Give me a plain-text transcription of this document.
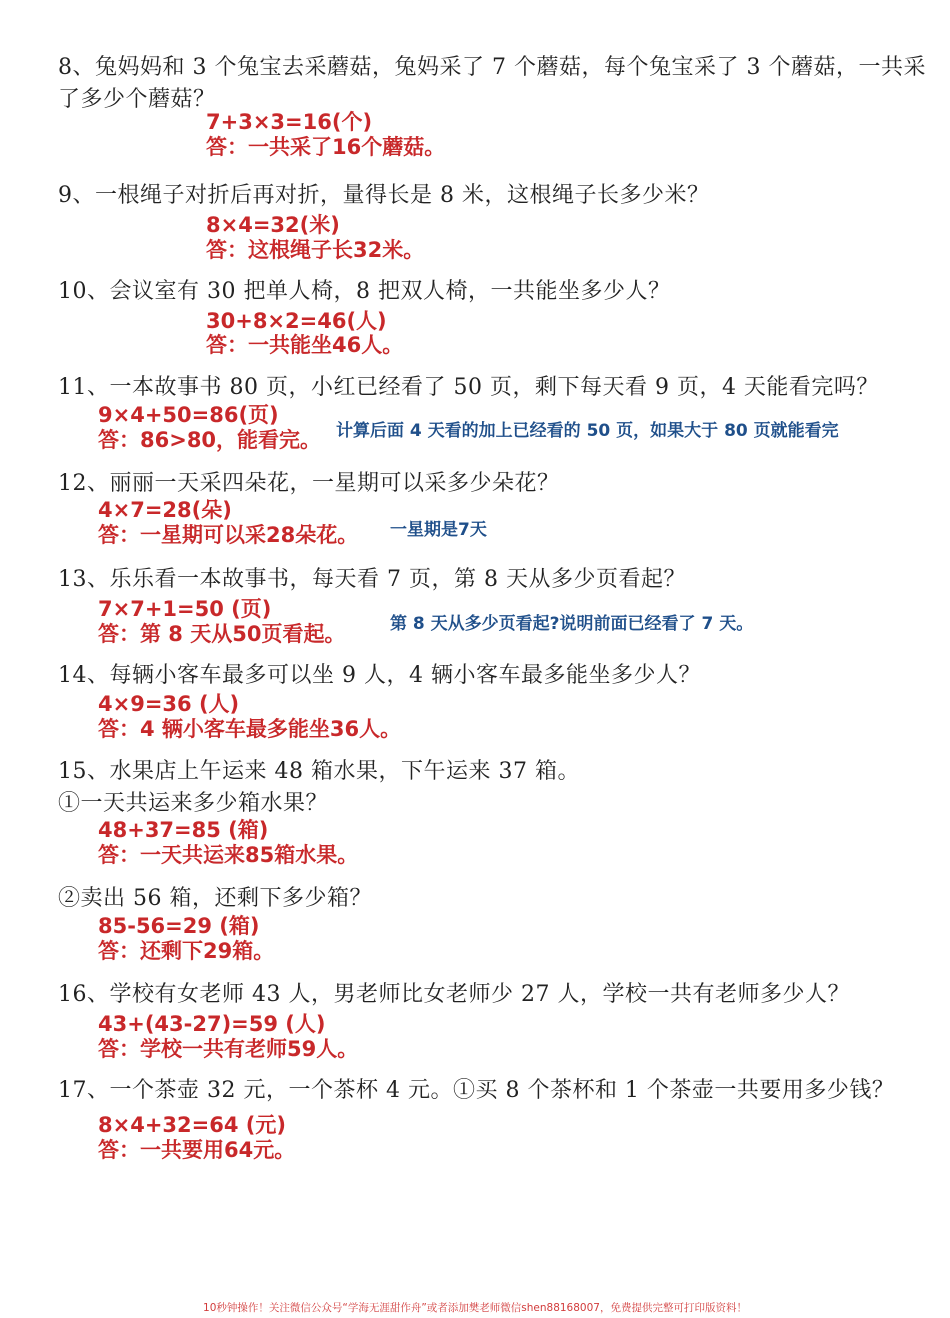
8、兔妈妈和 3 个兔宝去采蘑菇，兔妈采了 7 个蘑菇，每个兔宝采了 3 个蘑菇，一共采
了多少个蘑菇？
7+3×3=16(个)
答：一共采了16个蘑菇。
9、一根绳子对折后再对折，量得长是 8 米，这根绳子长多少米？
8×4=32(米)
答：这根绳子长32米。
10、会议室有 30 把单人椅，8 把双人椅，一共能坐多少人？
30+8×2=46(人)
答：一共能坐46人。
11、一本故事书 80 页，小红已经看了 50 页，剩下每天看 9 页，4 天能看完吗？
9×4+50=86(页)
答：86>80，能看完。 计算后面 4 天看的加上已经看的 50 页，如果大于 80 页就能看完
12、丽丽一天采四朵花，一星期可以采多少朵花？
4×7=28(朵)
答：一星期可以采28朵花。 一星期是7天
13、乐乐看一本故事书，每天看 7 页，第 8 天从多少页看起？
7×7+1=50 (页)
答：第 8 天从50页看起。	第 8 天从多少页看起?说明前面已经看了 7 天。
14、每辆小客车最多可以坐 9 人，4 辆小客车最多能坐多少人？
4×9=36 (人)
答：4 辆小客车最多能坐36人。
15、水果店上午运来 48 箱水果，下午运来 37 箱。
①一天共运来多少箱水果？
48+37=85 (箱)
答：一天共运来85箱水果。
②卖出 56 箱，还剩下多少箱？
85-56=29 (箱)
答：还剩下29箱。
16、学校有女老师 43 人，男老师比女老师少 27 人，学校一共有老师多少人？
43+(43-27)=59 (人)
答：学校一共有老师59人。
17、一个茶壶 32 元，一个茶杯 4 元。①买 8 个茶杯和 1 个茶壶一共要用多少钱？
8×4+32=64 (元)
答：一共要用64元。
10秒钟操作！关注微信公众号“学海无涯甜作舟”或者添加樊老师微信shen88168007，免费提供完整可打印版资料！
